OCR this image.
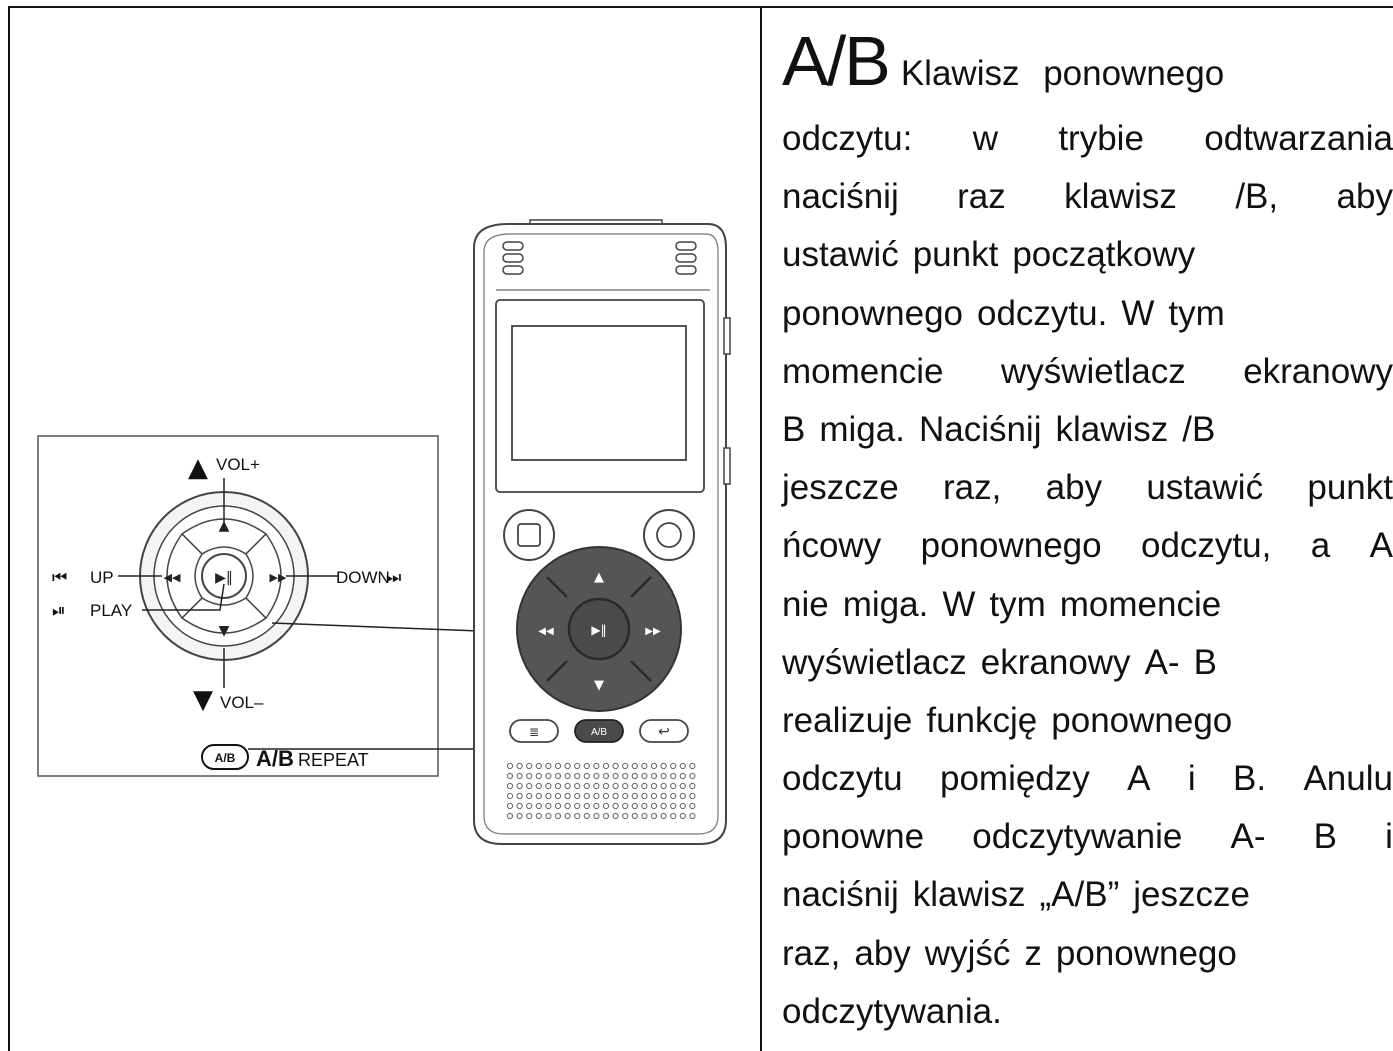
▶‖
▲
▼
◀◀	▶▶
▲ VOL+
▼ VOL–
⏮ UP	DOWN
⏭
⏯ PLAY
A/B A/B REPEAT
▶‖
▲
▼
◀◀	▶▶
≣	A/B	↩
A/B Klawisz ponownego
odczytu: w trybie odtwarzania
naciśnij raz klawisz /B, aby
ustawić punkt początkowy
ponownego odczytu. W tym
momencie wyświetlacz ekranowy
B miga. Naciśnij klawisz /B
jeszcze raz, aby ustawić punkt
ńcowy ponownego odczytu, a A
nie miga. W tym momencie
wyświetlacz ekranowy A- B
realizuje funkcję ponownego
odczytu pomiędzy A i B. Anulu
ponowne odczytywanie A- B i
naciśnij klawisz „A/B” jeszcze
raz, aby wyjść z ponownego
odczytywania.
